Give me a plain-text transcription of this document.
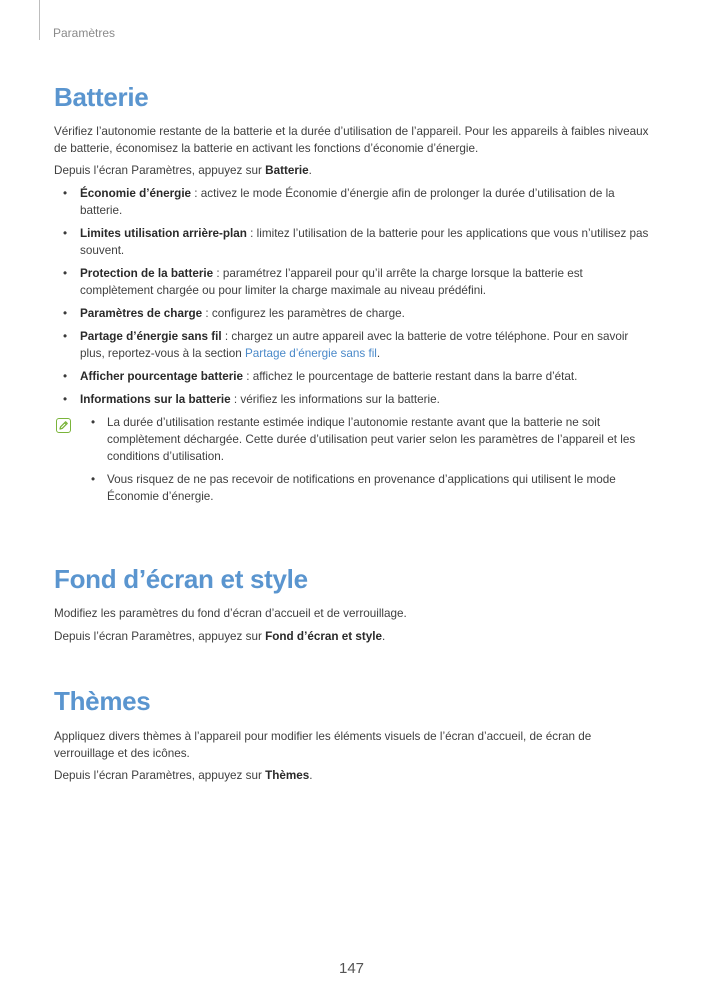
Paramètres
Batterie

Vérifiez l’autonomie restante de la batterie et la durée d’utilisation de l’appareil. Pour les appareils à faibles niveaux de batterie, économisez la batterie en activant les fonctions d’économie d’énergie.

Depuis l’écran Paramètres, appuyez sur Batterie.

• Économie d’énergie : activez le mode Économie d’énergie afin de prolonger la durée d’utilisation de la batterie.
• Limites utilisation arrière-plan : limitez l’utilisation de la batterie pour les applications que vous n’utilisez pas souvent.
• Protection de la batterie : paramétrez l’appareil pour qu’il arrête la charge lorsque la batterie est complètement chargée ou pour limiter la charge maximale au niveau prédéfini.
• Paramètres de charge : configurez les paramètres de charge.
• Partage d’énergie sans fil : chargez un autre appareil avec la batterie de votre téléphone. Pour en savoir plus, reportez-vous à la section Partage d’énergie sans fil.
• Afficher pourcentage batterie : affichez le pourcentage de batterie restant dans la barre d’état.
• Informations sur la batterie : vérifiez les informations sur la batterie.
• La durée d’utilisation restante estimée indique l’autonomie restante avant que la batterie ne soit complètement déchargée. Cette durée d’utilisation peut varier selon les paramètres de l’appareil et les conditions d’utilisation.
• Vous risquez de ne pas recevoir de notifications en provenance d’applications qui utilisent le mode Économie d’énergie.
Fond d’écran et style

Modifiez les paramètres du fond d’écran d’accueil et de verrouillage.

Depuis l’écran Paramètres, appuyez sur Fond d’écran et style.

Thèmes

Appliquez divers thèmes à l’appareil pour modifier les éléments visuels de l’écran d’accueil, de écran de verrouillage et des icônes.

Depuis l’écran Paramètres, appuyez sur Thèmes.

147
